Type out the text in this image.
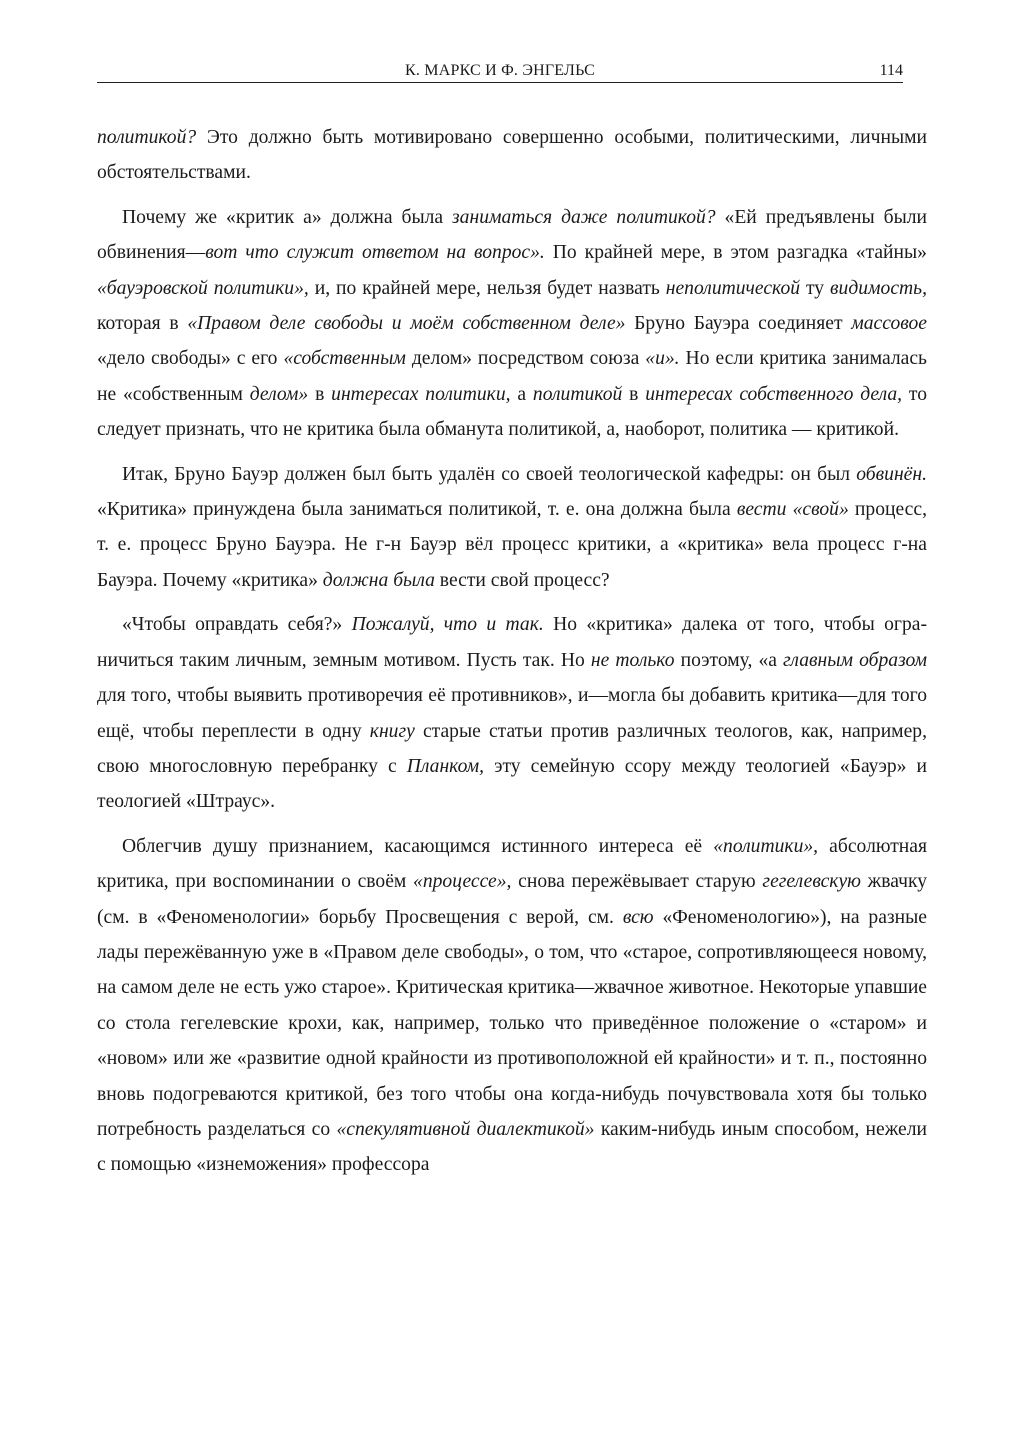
К. МАРКС И Ф. ЭНГЕЛЬС	114

политикой? Это должно быть мотивировано совершенно особыми, политическими, личными обстоятельствами.

Почему же «критик а» должна была заниматься даже политикой? «Ей предъявлены были обвинения—вот что служит ответом на вопрос». По крайней мере, в этом разгадка «тайны» «бауэровской политики», и, по крайней мере, нельзя будет назвать неполитической ту видимость, которая в «Правом деле свободы и моём собственном деле» Бруно Бауэра соединяет массовое «дело свободы» с его «собственным делом» посредством союза «и». Но если критика занималась не «собственным делом» в интересах политики, а политикой в интересах собственного дела, то следует признать, что не критика была обманута политикой, а, наоборот, политика — критикой.

Итак, Бруно Бауэр должен был быть удалён со своей теологической кафедры: он был обвинён. «Критика» принуждена была заниматься политикой, т. е. она должна была вести «свой» процесс, т. е. процесс Бруно Бауэра. Не г-н Бауэр вёл процесс критики, а «критика» вела процесс г-на Бауэра. Почему «критика» должна была вести свой процесс?

«Чтобы оправдать себя?» Пожалуй, что и так. Но «критика» далека от того, чтобы ограничиться таким личным, земным мотивом. Пусть так. Но не только поэтому, «а главным образом для того, чтобы выявить противоречия её противников», и—могла бы добавить критика—для того ещё, чтобы переплести в одну книгу старые статьи против различных теологов, как, например, свою многословную перебранку с Планком, эту семейную ссору между теологией «Бауэр» и теологией «Штраус».

Облегчив душу признанием, касающимся истинного интереса её «политики», абсолютная критика, при воспоминании о своём «процессе», снова пережёвывает старую гегелевскую жвачку (см. в «Феноменологии» борьбу Просвещения с верой, см. всю «Феноменологию»), на разные лады пережёванную уже в «Правом деле свободы», о том, что «старое, сопротивляющееся новому, на самом деле не есть ужо старое». Критическая критика—жвачное животное. Некоторые упавшие со стола гегелевские крохи, как, например, только что приведённое положение о «старом» и «новом» или же «развитие одной крайности из противоположной ей крайности» и т. п., постоянно вновь подогреваются критикой, без того чтобы она когда-нибудь почувствовала хотя бы только потребность разделаться со «спекулятивной диалектикой» каким-нибудь иным способом, нежели с помощью «изнеможения» профессора
